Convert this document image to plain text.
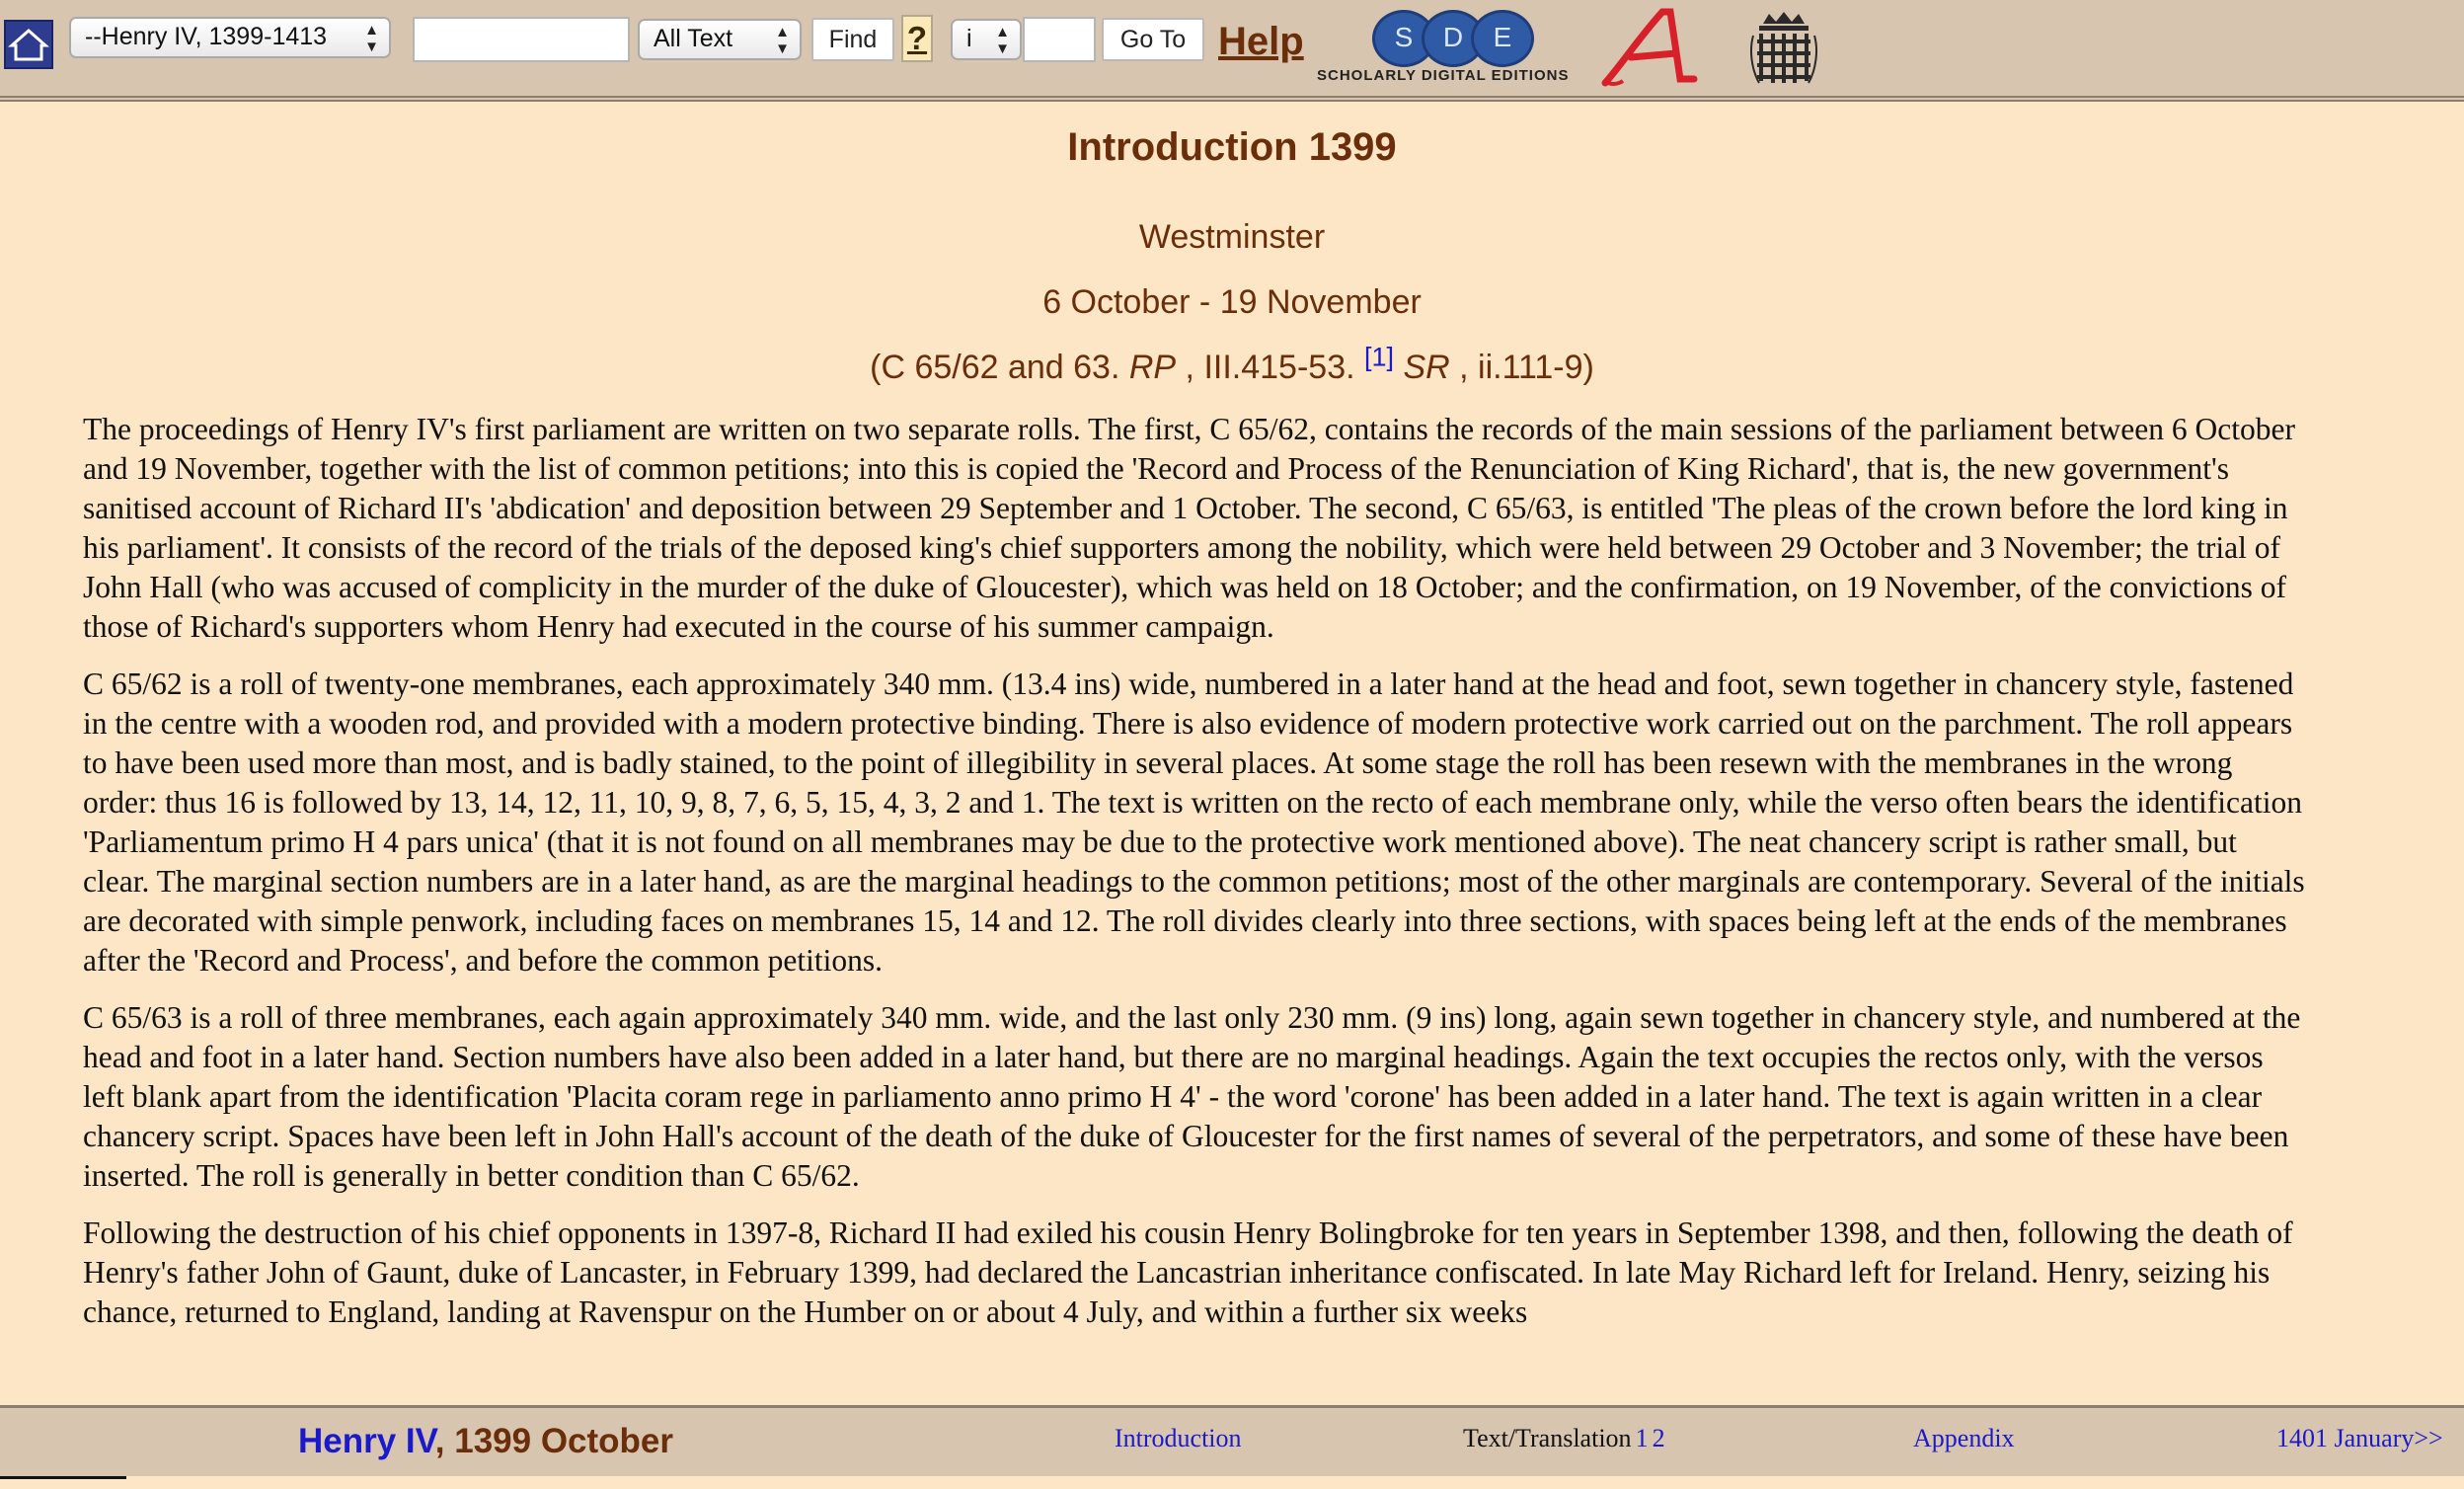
--Henry IV, 1399-1413	▲
▼	All Text	▲
▼	Find ?	i ▲
▼	Go To Help	S	D	E
SCHOLARLY DIGITAL EDITIONS
Introduction 1399
Westminster
6 October - 19 November
(C 65/62 and 63. RP , III.415-53. [1] SR , ii.111-9)

The proceedings of Henry IV's first parliament are written on two separate rolls. The first, C 65/62, contains the records of the main sessions of the parliament between 6 October and 19 November, together with the list of common petitions; into this is copied the 'Record and Process of the Renunciation of King Richard', that is, the new government's sanitised account of Richard II's 'abdication' and deposition between 29 September and 1 October. The second, C 65/63, is entitled 'The pleas of the crown before the lord king in his parliament'. It consists of the record of the trials of the deposed king's chief supporters among the nobility, which were held between 29 October and 3 November; the trial of John Hall (who was accused of complicity in the murder of the duke of Gloucester), which was held on 18 October; and the confirmation, on 19 November, of the convictions of those of Richard's supporters whom Henry had executed in the course of his summer campaign.

C 65/62 is a roll of twenty-one membranes, each approximately 340 mm. (13.4 ins) wide, numbered in a later hand at the head and foot, sewn together in chancery style, fastened in the centre with a wooden rod, and provided with a modern protective binding. There is also evidence of modern protective work carried out on the parchment. The roll appears to have been used more than most, and is badly stained, to the point of illegibility in several places. At some stage the roll has been resewn with the membranes in the wrong order: thus 16 is followed by 13, 14, 12, 11, 10, 9, 8, 7, 6, 5, 15, 4, 3, 2 and 1. The text is written on the recto of each membrane only, while the verso often bears the identification 'Parliamentum primo H 4 pars unica' (that it is not found on all membranes may be due to the protective work mentioned above). The neat chancery script is rather small, but clear. The marginal section numbers are in a later hand, as are the marginal headings to the common petitions; most of the other marginals are contemporary. Several of the initials are decorated with simple penwork, including faces on membranes 15, 14 and 12. The roll divides clearly into three sections, with spaces being left at the ends of the membranes after the 'Record and Process', and before the common petitions.

C 65/63 is a roll of three membranes, each again approximately 340 mm. wide, and the last only 230 mm. (9 ins) long, again sewn together in chancery style, and numbered at the head and foot in a later hand. Section numbers have also been added in a later hand, but there are no marginal headings. Again the text occupies the rectos only, with the versos left blank apart from the identification 'Placita coram rege in parliamento anno primo H 4' - the word 'corone' has been added in a later hand. The text is again written in a clear chancery script. Spaces have been left in John Hall's account of the death of the duke of Gloucester for the first names of several of the perpetrators, and some of these have been inserted. The roll is generally in better condition than C 65/62.

Following the destruction of his chief opponents in 1397-8, Richard II had exiled his cousin Henry Bolingbroke for ten years in September 1398, and then, following the death of Henry's father John of Gaunt, duke of Lancaster, in February 1399, had declared the Lancastrian inheritance confiscated. In late May Richard left for Ireland. Henry, seizing his chance, returned to England, landing at Ravenspur on the Humber on or about 4 July, and within a further six weeks

Henry IV, 1399 October	Introduction	Text/Translation 1 2	Appendix	1401 January>>
